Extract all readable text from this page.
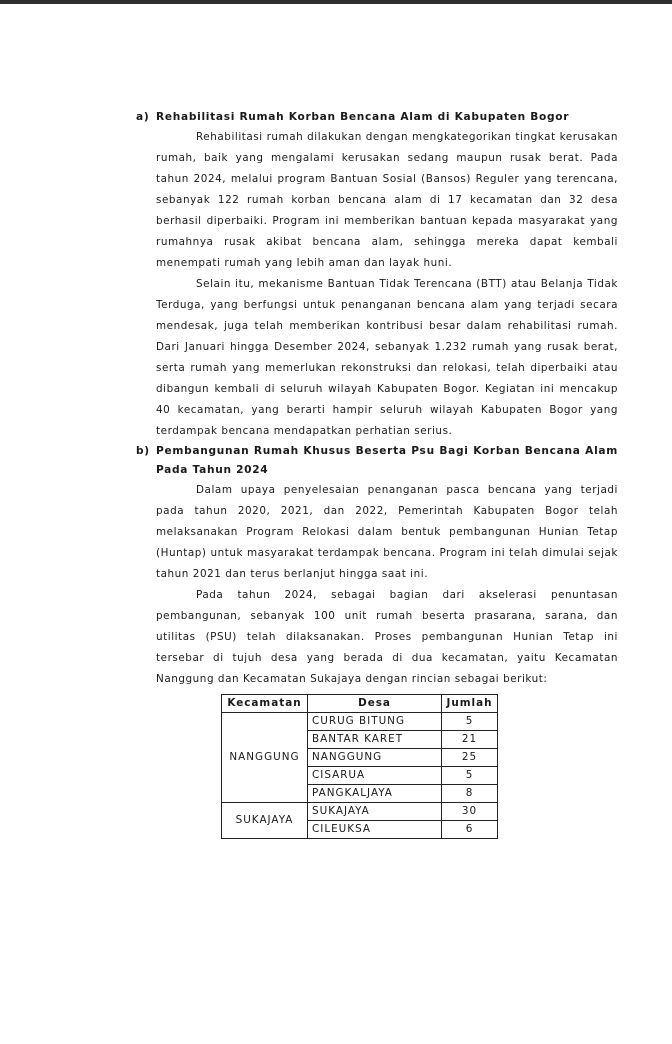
a) Rehabilitasi Rumah Korban Bencana Alam di Kabupaten Bogor

Rehabilitasi rumah dilakukan dengan mengkategorikan tingkat kerusakan rumah, baik yang mengalami kerusakan sedang maupun rusak berat. Pada tahun 2024, melalui program Bantuan Sosial (Bansos) Reguler yang terencana, sebanyak 122 rumah korban bencana alam di 17 kecamatan dan 32 desa berhasil diperbaiki. Program ini memberikan bantuan kepada masyarakat yang rumahnya rusak akibat bencana alam, sehingga mereka dapat kembali menempati rumah yang lebih aman dan layak huni.

Selain itu, mekanisme Bantuan Tidak Terencana (BTT) atau Belanja Tidak Terduga, yang berfungsi untuk penanganan bencana alam yang terjadi secara mendesak, juga telah memberikan kontribusi besar dalam rehabilitasi rumah. Dari Januari hingga Desember 2024, sebanyak 1.232 rumah yang rusak berat, serta rumah yang memerlukan rekonstruksi dan relokasi, telah diperbaiki atau dibangun kembali di seluruh wilayah Kabupaten Bogor. Kegiatan ini mencakup 40 kecamatan, yang berarti hampir seluruh wilayah Kabupaten Bogor yang terdampak bencana mendapatkan perhatian serius.

b) Pembangunan Rumah Khusus Beserta Psu Bagi Korban Bencana Alam Pada Tahun 2024

Dalam upaya penyelesaian penanganan pasca bencana yang terjadi pada tahun 2020, 2021, dan 2022, Pemerintah Kabupaten Bogor telah melaksanakan Program Relokasi dalam bentuk pembangunan Hunian Tetap (Huntap) untuk masyarakat terdampak bencana. Program ini telah dimulai sejak tahun 2021 dan terus berlanjut hingga saat ini.

Pada tahun 2024, sebagai bagian dari akselerasi penuntasan pembangunan, sebanyak 100 unit rumah beserta prasarana, sarana, dan utilitas (PSU) telah dilaksanakan. Proses pembangunan Hunian Tetap ini tersebar di tujuh desa yang berada di dua kecamatan, yaitu Kecamatan Nanggung dan Kecamatan Sukajaya dengan rincian sebagai berikut:

Kecamatan	Desa	Jumlah
NANGGUNG	CURUG BITUNG	5
	BANTAR KARET	21
	NANGGUNG	25
	CISARUA	5
	PANGKALJAYA	8
SUKAJAYA	SUKAJAYA	30
	CILEUKSA	6
